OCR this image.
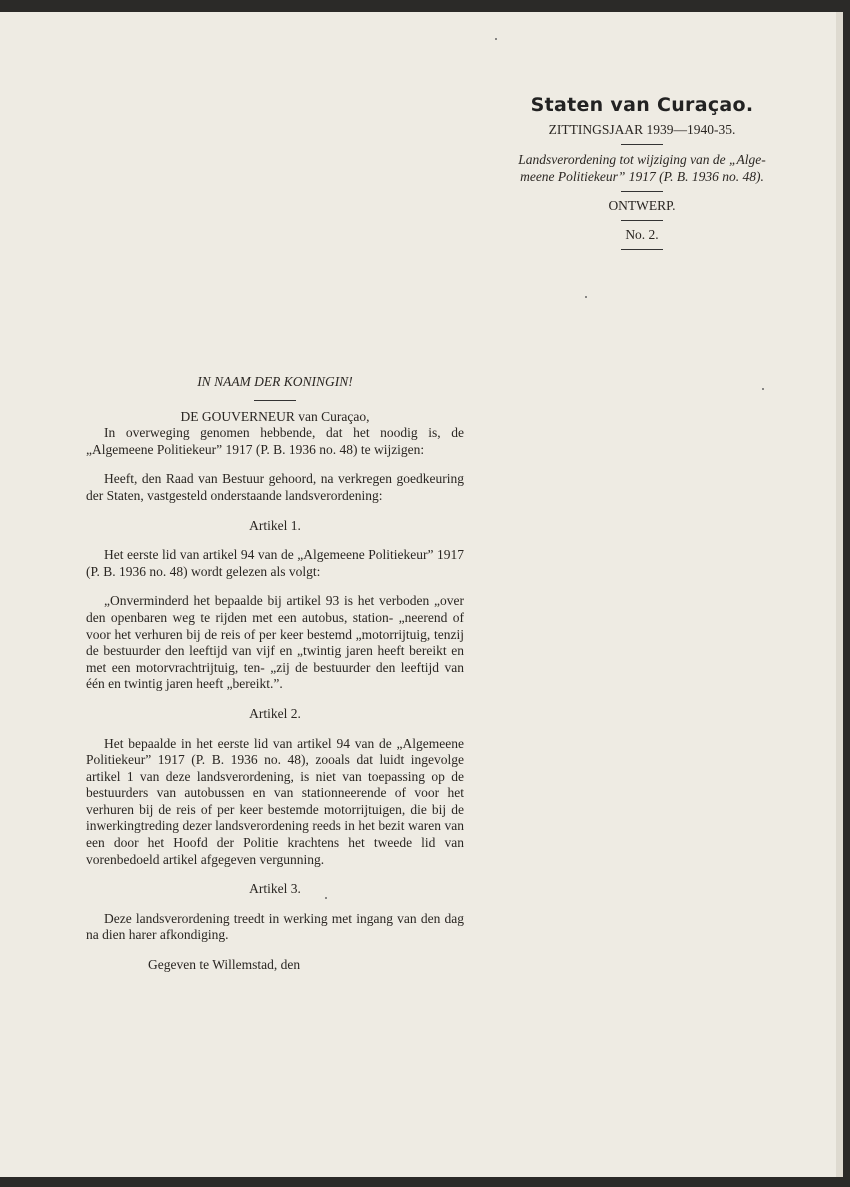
Staten van Curaçao.
ZITTINGSJAAR 1939—1940-35.
Landsverordening tot wijziging van de „Alge-
meene Politiekeur” 1917 (P. B. 1936 no. 48).
ONTWERP.
No. 2.
IN NAAM DER KONINGIN!
DE GOUVERNEUR van Curaçao,

In overweging genomen hebbende, dat het noodig is, de „Algemeene Politiekeur” 1917 (P. B. 1936 no. 48) te wijzigen:

Heeft, den Raad van Bestuur gehoord, na verkregen goedkeuring der Staten, vastgesteld onderstaande landsverordening:

Artikel 1.

Het eerste lid van artikel 94 van de „Algemeene Politiekeur” 1917 (P. B. 1936 no. 48) wordt gelezen als volgt:

„Onverminderd het bepaalde bij artikel 93 is het verboden „over den openbaren weg te rijden met een autobus, station- „neerend of voor het verhuren bij de reis of per keer bestemd „motorrijtuig, tenzij de bestuurder den leeftijd van vijf en „twintig jaren heeft bereikt en met een motorvrachtrijtuig, ten- „zij de bestuurder den leeftijd van één en twintig jaren heeft „bereikt.”.

Artikel 2.

Het bepaalde in het eerste lid van artikel 94 van de „Algemeene Politiekeur” 1917 (P. B. 1936 no. 48), zooals dat luidt ingevolge artikel 1 van deze landsverordening, is niet van toepassing op de bestuurders van autobussen en van stationneerende of voor het verhuren bij de reis of per keer bestemde motorrijtuigen, die bij de inwerkingtreding dezer landsverordening reeds in het bezit waren van een door het Hoofd der Politie krachtens het tweede lid van vorenbedoeld artikel afgegeven vergunning.

Artikel 3.

Deze landsverordening treedt in werking met ingang van den dag na dien harer afkondiging.

Gegeven te Willemstad, den
